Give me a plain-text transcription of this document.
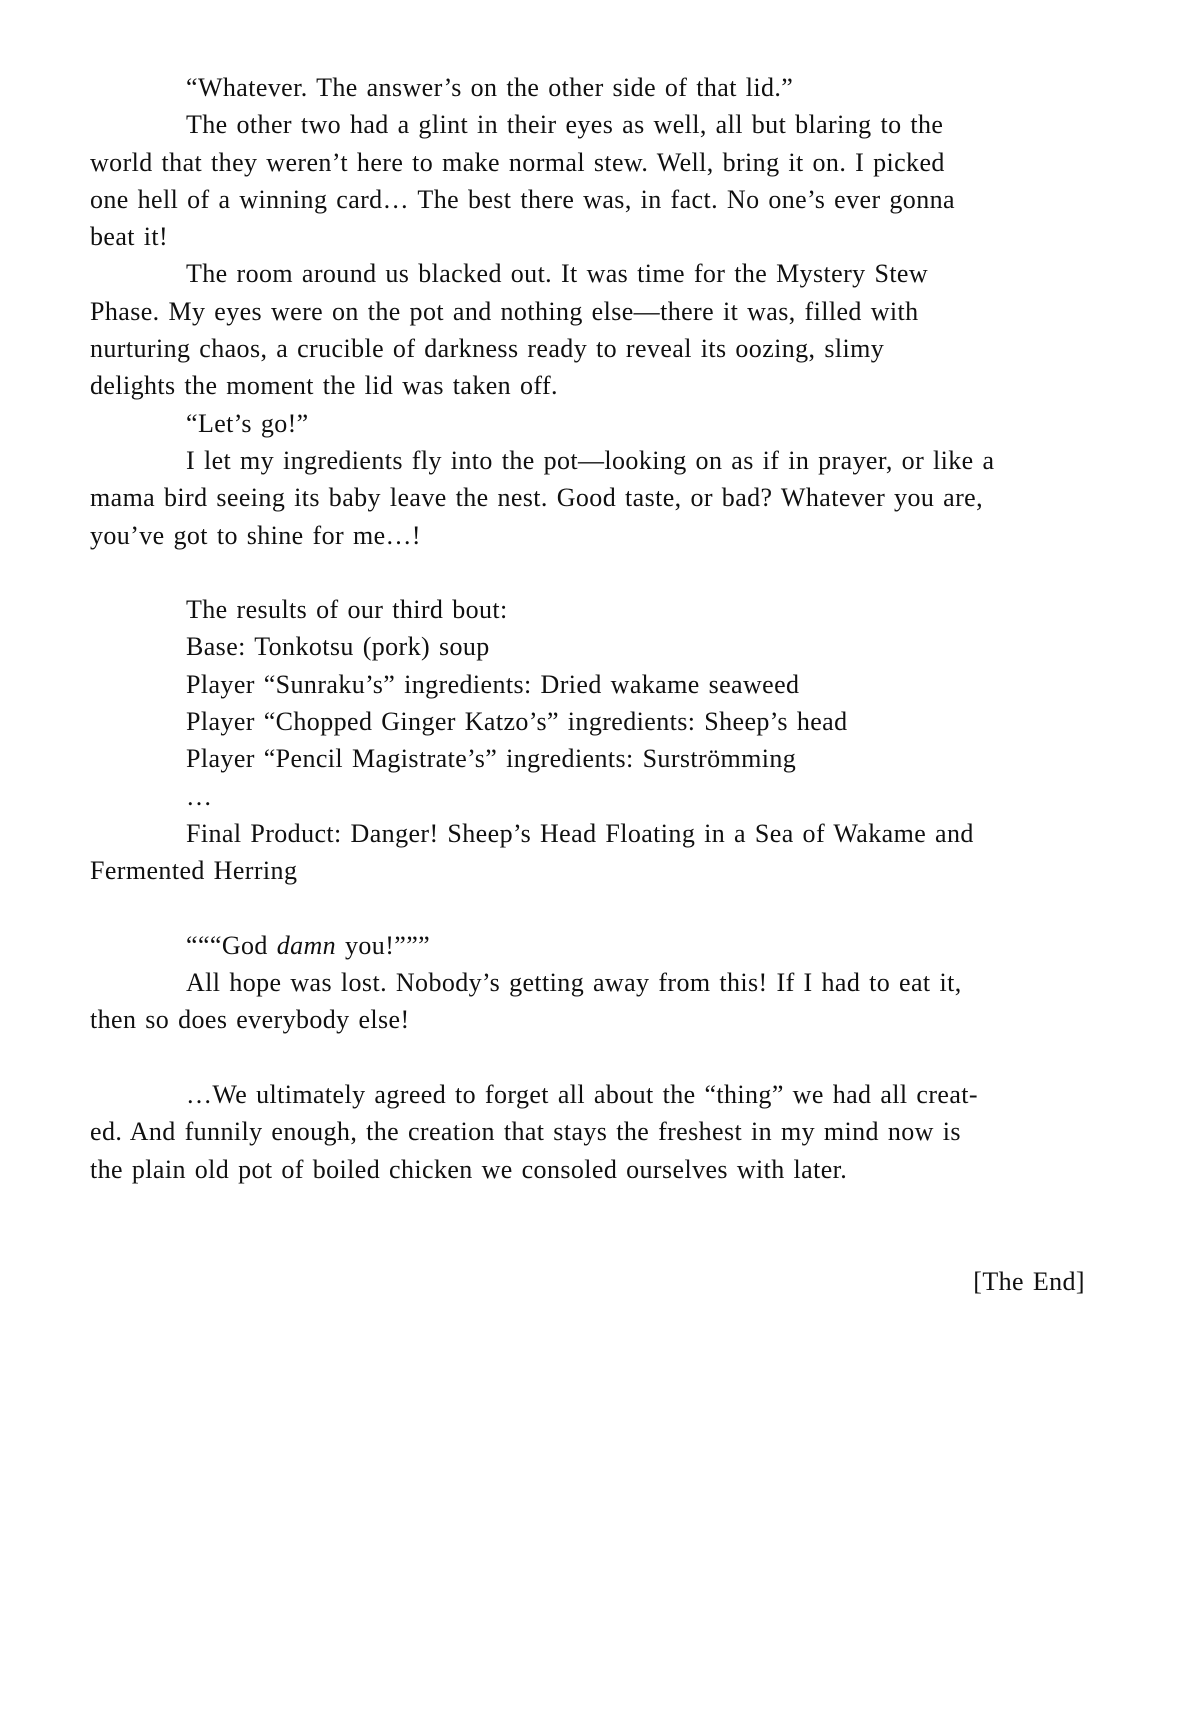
“Whatever. The answer’s on the other side of that lid.”
The other two had a glint in their eyes as well, all but blaring to the
world that they weren’t here to make normal stew. Well, bring it on. I picked
one hell of a winning card… The best there was, in fact. No one’s ever gonna
beat it!
The room around us blacked out. It was time for the Mystery Stew
Phase. My eyes were on the pot and nothing else—there it was, filled with
nurturing chaos, a crucible of darkness ready to reveal its oozing, slimy
delights the moment the lid was taken off.
“Let’s go!”
I let my ingredients fly into the pot—looking on as if in prayer, or like a
mama bird seeing its baby leave the nest. Good taste, or bad? Whatever you are,
you’ve got to shine for me…!

The results of our third bout:
Base: Tonkotsu (pork) soup
Player “Sunraku’s” ingredients: Dried wakame seaweed
Player “Chopped Ginger Katzo’s” ingredients: Sheep’s head
Player “Pencil Magistrate’s” ingredients: Surströmming
…
Final Product: Danger! Sheep’s Head Floating in a Sea of Wakame and
Fermented Herring

“““God damn you!”””
All hope was lost. Nobody’s getting away from this! If I had to eat it,
then so does everybody else!

…We ultimately agreed to forget all about the “thing” we had all creat-
ed. And funnily enough, the creation that stays the freshest in my mind now is
the plain old pot of boiled chicken we consoled ourselves with later.

[The End]
